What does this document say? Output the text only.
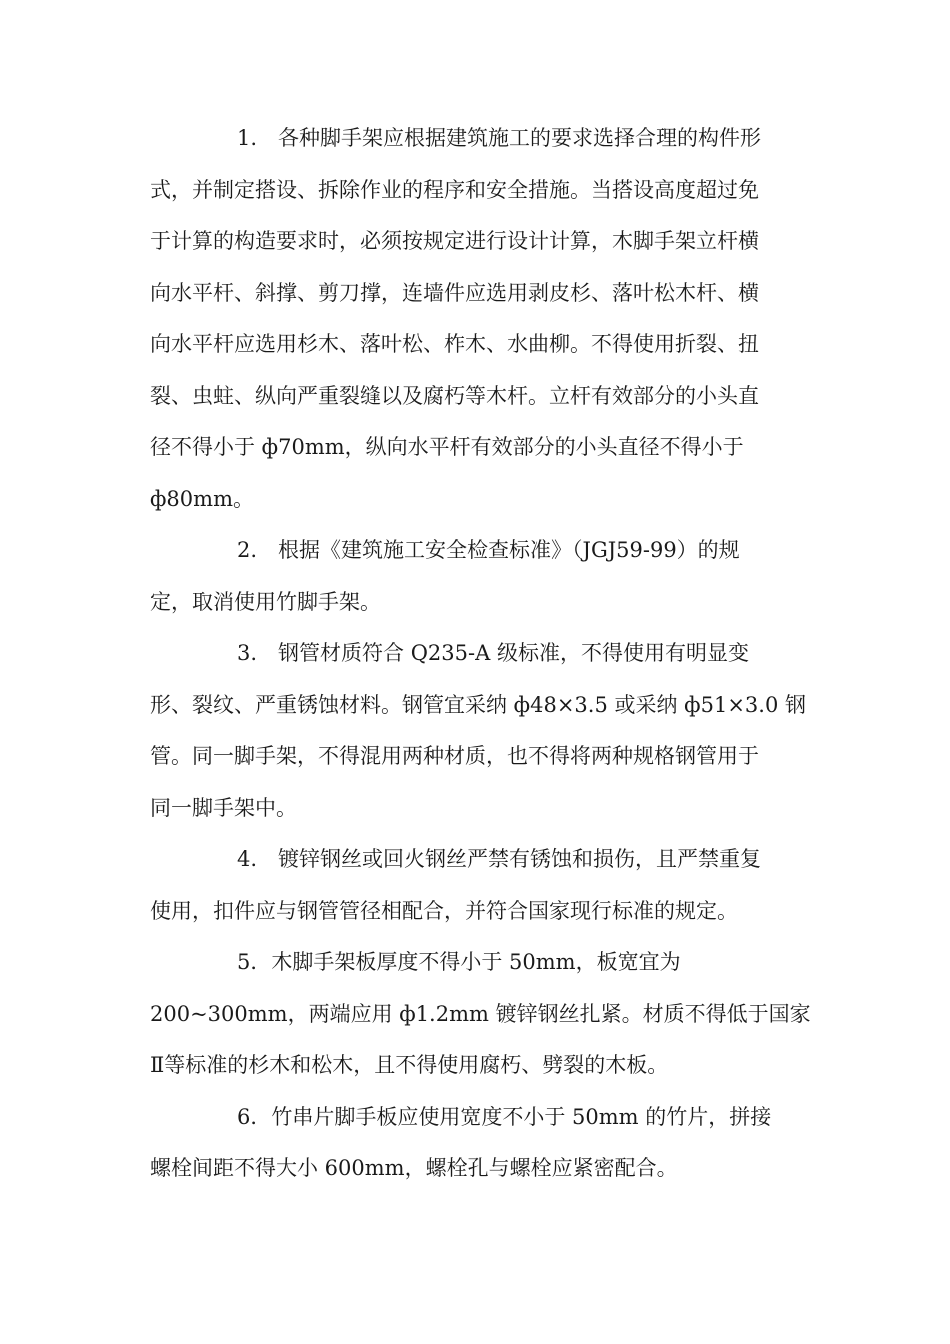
1.　各种脚手架应根据建筑施工的要求选择合理的构件形
式，并制定搭设、拆除作业的程序和安全措施。当搭设高度超过免
于计算的构造要求时，必须按规定进行设计计算，木脚手架立杆横
向水平杆、斜撑、剪刀撑，连墙件应选用剥皮杉、落叶松木杆、横
向水平杆应选用杉木、落叶松、柞木、水曲柳。不得使用折裂、扭
裂、虫蛀、纵向严重裂缝以及腐朽等木杆。立杆有效部分的小头直
径不得小于 ф70mm，纵向水平杆有效部分的小头直径不得小于
ф80mm。
2.　根据《建筑施工安全检查标准》（JGJ59-99）的规
定，取消使用竹脚手架。
3.　钢管材质符合 Q235-A 级标准，不得使用有明显变
形、裂纹、严重锈蚀材料。钢管宜采纳 ф48×3.5 或采纳 ф51×3.0 钢
管。同一脚手架，不得混用两种材质，也不得将两种规格钢管用于
同一脚手架中。
4.　镀锌钢丝或回火钢丝严禁有锈蚀和损伤，且严禁重复
使用，扣件应与钢管管径相配合，并符合国家现行标准的规定。
5．木脚手架板厚度不得小于 50mm，板宽宜为
200~300mm，两端应用 ф1.2mm 镀锌钢丝扎紧。材质不得低于国家
Ⅱ等标准的杉木和松木，且不得使用腐朽、劈裂的木板。
6．竹串片脚手板应使用宽度不小于 50mm 的竹片，拼接
螺栓间距不得大小 600mm，螺栓孔与螺栓应紧密配合。
